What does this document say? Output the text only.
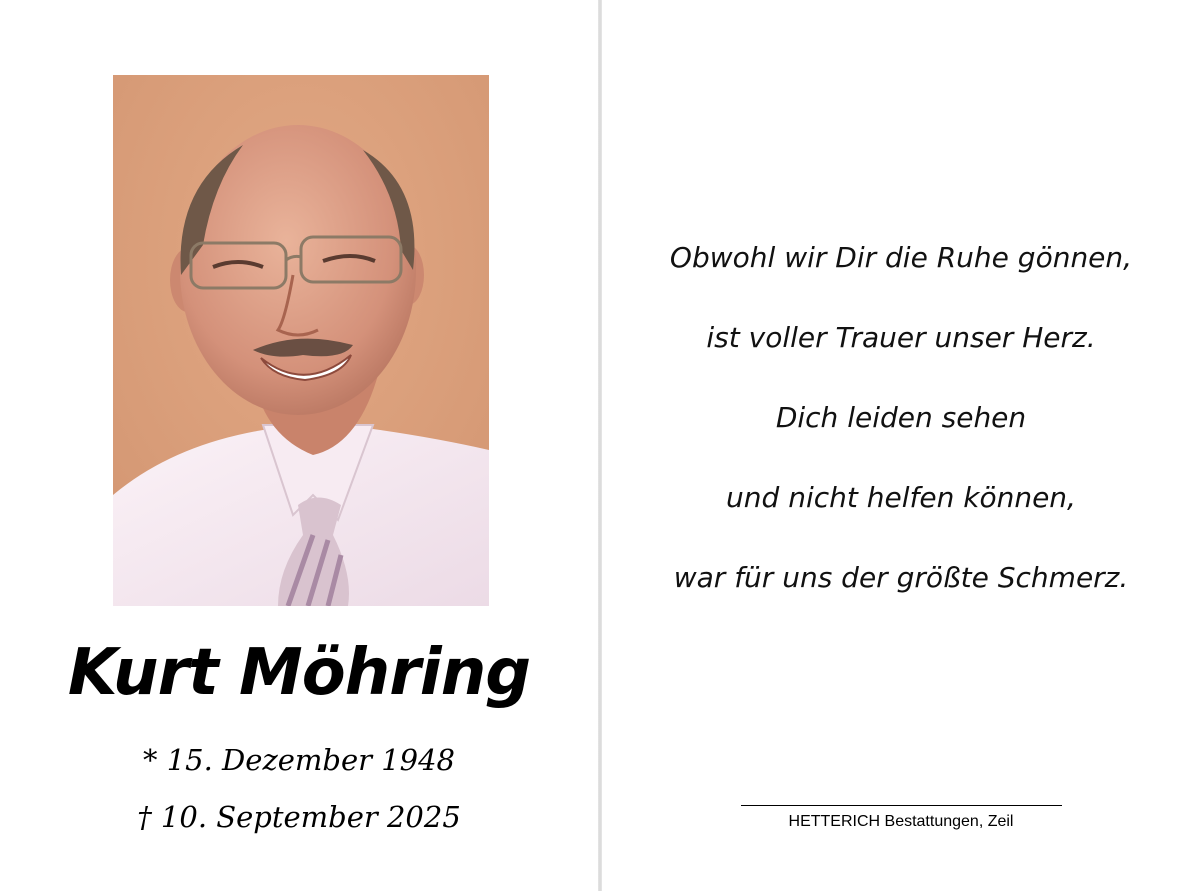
Kurt Möhring
* 15. Dezember 1948
† 10. September 2025
Obwohl wir Dir die Ruhe gönnen,
ist voller Trauer unser Herz.
Dich leiden sehen
und nicht helfen können,
war für uns der größte Schmerz.
HETTERICH Bestattungen, Zeil
